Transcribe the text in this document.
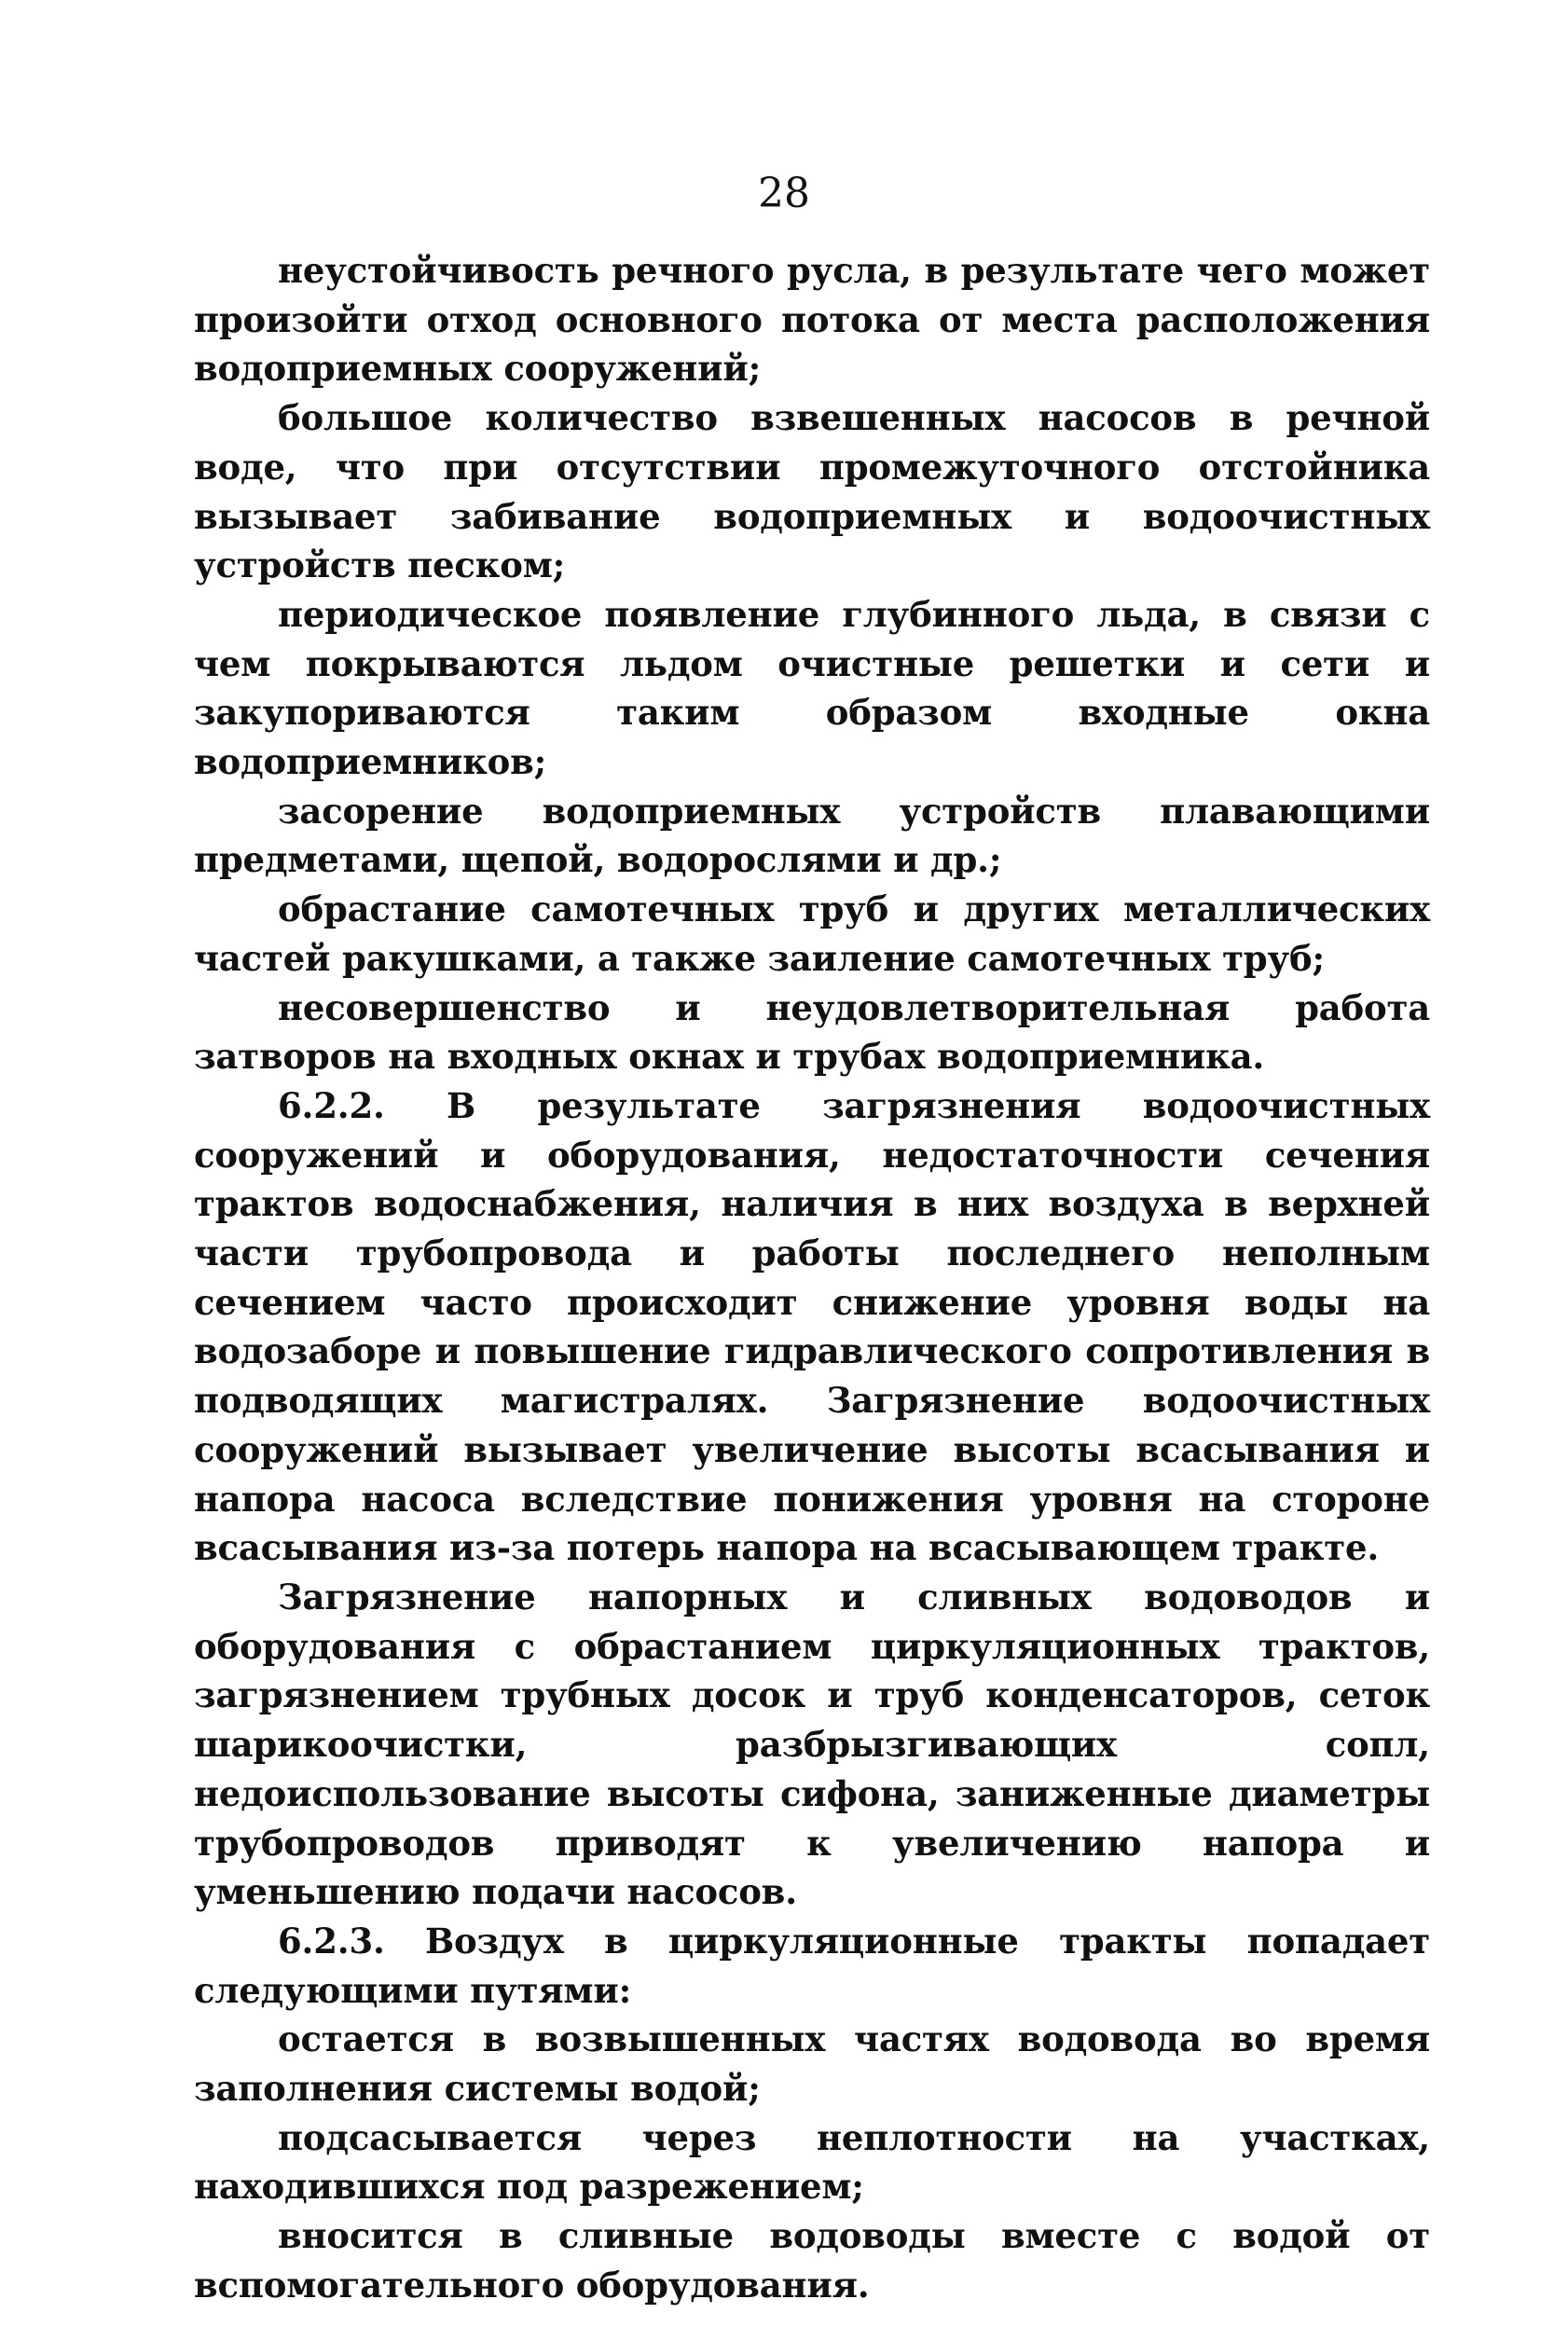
28

неустойчивость речного русла, в результате чего может произойти отход основного потока от места расположения водоприемных сооружений;

большое количество взвешенных насосов в речной воде, что при отсутствии промежуточного отстойника вызывает забивание водоприемных и водоочистных устройств песком;

периодическое появление глубинного льда, в связи с чем покрываются льдом очистные решетки и сети и закупориваются таким образом входные окна водоприемников;

засорение водоприемных устройств плавающими предметами, щепой, водорослями и др.;

обрастание самотечных труб и других металлических частей ракушками, а также заиление самотечных труб;

несовершенство и неудовлетворительная работа затворов на входных окнах и трубах водоприемника.

6.2.2. В результате загрязнения водоочистных сооружений и оборудования, недостаточности сечения трактов водоснабжения, наличия в них воздуха в верхней части трубопровода и работы последнего неполным сечением часто происходит снижение уровня воды на водозаборе и повышение гидравлического сопротивления в подводящих магистралях. Загрязнение водоочистных сооружений вызывает увеличение высоты всасывания и напора насоса вследствие понижения уровня на стороне всасывания из-за потерь напора на всасывающем тракте.

Загрязнение напорных и сливных водоводов и оборудования с обрастанием циркуляционных трактов, загрязнением трубных досок и труб конденсаторов, сеток шарикоочистки, разбрызгивающих сопл, недоиспользование высоты сифона, заниженные диаметры трубопроводов приводят к увеличению напора и уменьшению подачи насосов.

6.2.3. Воздух в циркуляционные тракты попадает следующими путями:

остается в возвышенных частях водовода во время заполнения системы водой;

подсасывается через неплотности на участках, находившихся под разрежением;

вносится в сливные водоводы вместе с водой от вспомогательного оборудования.
